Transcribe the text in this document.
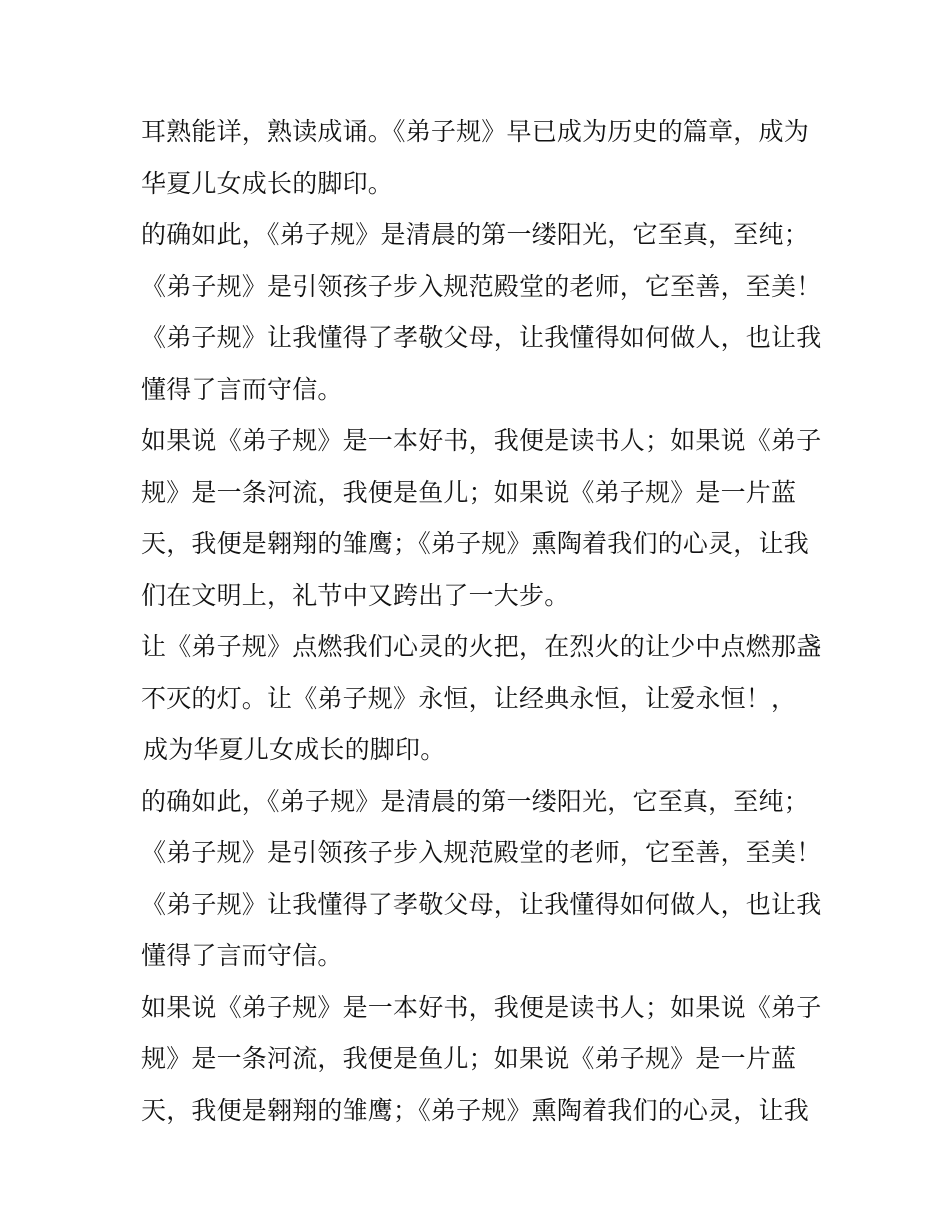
耳熟能详，熟读成诵。《弟子规》早已成为历史的篇章，成为
华夏儿女成长的脚印。
的确如此，《弟子规》是清晨的第一缕阳光，它至真，至纯；
《弟子规》是引领孩子步入规范殿堂的老师，它至善，至美！
《弟子规》让我懂得了孝敬父母，让我懂得如何做人，也让我
懂得了言而守信。
如果说《弟子规》是一本好书，我便是读书人；如果说《弟子
规》是一条河流，我便是鱼儿；如果说《弟子规》是一片蓝
天，我便是翱翔的雏鹰；《弟子规》熏陶着我们的心灵，让我
们在文明上，礼节中又跨出了一大步。
让《弟子规》点燃我们心灵的火把，在烈火的让少中点燃那盏
不灭的灯。让《弟子规》永恒，让经典永恒，让爱永恒！，
成为华夏儿女成长的脚印。
的确如此，《弟子规》是清晨的第一缕阳光，它至真，至纯；
《弟子规》是引领孩子步入规范殿堂的老师，它至善，至美！
《弟子规》让我懂得了孝敬父母，让我懂得如何做人，也让我
懂得了言而守信。
如果说《弟子规》是一本好书，我便是读书人；如果说《弟子
规》是一条河流，我便是鱼儿；如果说《弟子规》是一片蓝
天，我便是翱翔的雏鹰；《弟子规》熏陶着我们的心灵，让我
